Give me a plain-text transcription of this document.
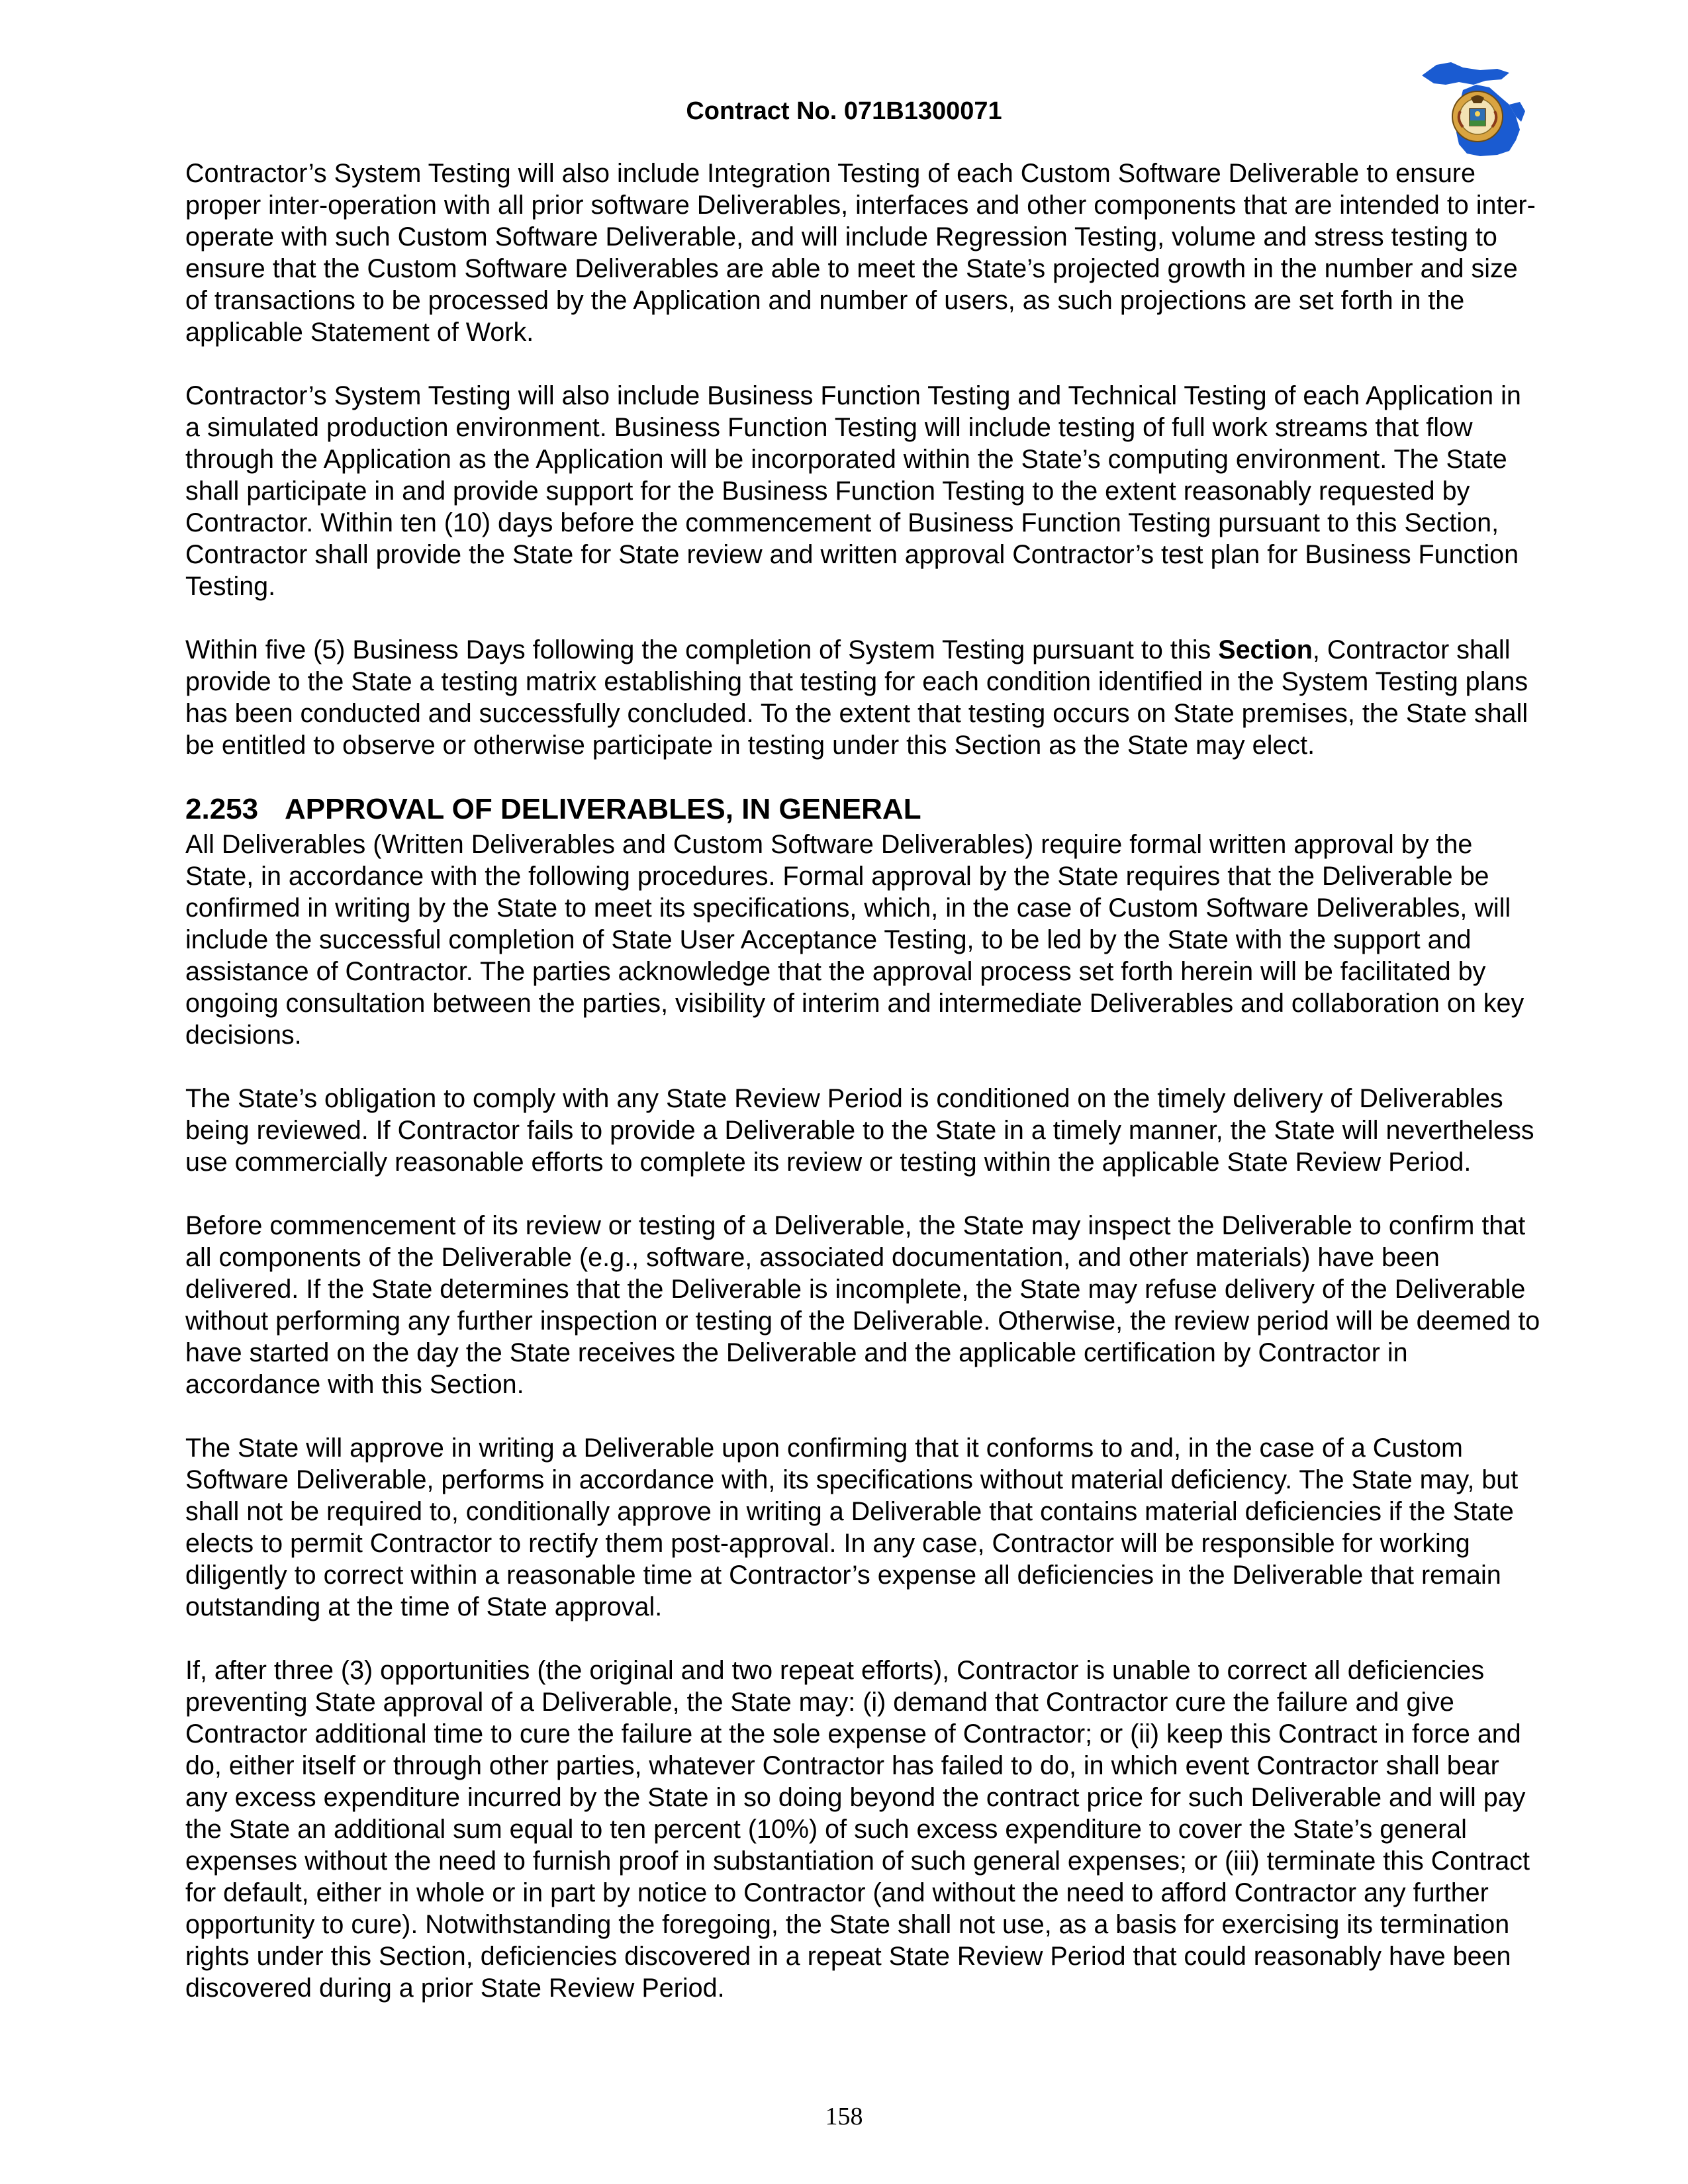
Contract No. 071B1300071

Contractor’s System Testing will also include Integration Testing of each Custom Software Deliverable to ensure proper inter-operation with all prior software Deliverables, interfaces and other components that are intended to inter-operate with such Custom Software Deliverable, and will include Regression Testing, volume and stress testing to ensure that the Custom Software Deliverables are able to meet the State’s projected growth in the number and size of transactions to be processed by the Application and number of users, as such projections are set forth in the applicable Statement of Work.

Contractor’s System Testing will also include Business Function Testing and Technical Testing of each Application in a simulated production environment. Business Function Testing will include testing of full work streams that flow through the Application as the Application will be incorporated within the State’s computing environment. The State shall participate in and provide support for the Business Function Testing to the extent reasonably requested by Contractor. Within ten (10) days before the commencement of Business Function Testing pursuant to this Section, Contractor shall provide the State for State review and written approval Contractor’s test plan for Business Function Testing.

Within five (5) Business Days following the completion of System Testing pursuant to this Section, Contractor shall provide to the State a testing matrix establishing that testing for each condition identified in the System Testing plans has been conducted and successfully concluded. To the extent that testing occurs on State premises, the State shall be entitled to observe or otherwise participate in testing under this Section as the State may elect.

2.253 APPROVAL OF DELIVERABLES, IN GENERAL

All Deliverables (Written Deliverables and Custom Software Deliverables) require formal written approval by the State, in accordance with the following procedures. Formal approval by the State requires that the Deliverable be confirmed in writing by the State to meet its specifications, which, in the case of Custom Software Deliverables, will include the successful completion of State User Acceptance Testing, to be led by the State with the support and assistance of Contractor. The parties acknowledge that the approval process set forth herein will be facilitated by ongoing consultation between the parties, visibility of interim and intermediate Deliverables and collaboration on key decisions.

The State’s obligation to comply with any State Review Period is conditioned on the timely delivery of Deliverables being reviewed. If Contractor fails to provide a Deliverable to the State in a timely manner, the State will nevertheless use commercially reasonable efforts to complete its review or testing within the applicable State Review Period.

Before commencement of its review or testing of a Deliverable, the State may inspect the Deliverable to confirm that all components of the Deliverable (e.g., software, associated documentation, and other materials) have been delivered. If the State determines that the Deliverable is incomplete, the State may refuse delivery of the Deliverable without performing any further inspection or testing of the Deliverable. Otherwise, the review period will be deemed to have started on the day the State receives the Deliverable and the applicable certification by Contractor in accordance with this Section.

The State will approve in writing a Deliverable upon confirming that it conforms to and, in the case of a Custom Software Deliverable, performs in accordance with, its specifications without material deficiency. The State may, but shall not be required to, conditionally approve in writing a Deliverable that contains material deficiencies if the State elects to permit Contractor to rectify them post-approval. In any case, Contractor will be responsible for working diligently to correct within a reasonable time at Contractor’s expense all deficiencies in the Deliverable that remain outstanding at the time of State approval.

If, after three (3) opportunities (the original and two repeat efforts), Contractor is unable to correct all deficiencies preventing State approval of a Deliverable, the State may: (i) demand that Contractor cure the failure and give Contractor additional time to cure the failure at the sole expense of Contractor; or (ii) keep this Contract in force and do, either itself or through other parties, whatever Contractor has failed to do, in which event Contractor shall bear any excess expenditure incurred by the State in so doing beyond the contract price for such Deliverable and will pay the State an additional sum equal to ten percent (10%) of such excess expenditure to cover the State’s general expenses without the need to furnish proof in substantiation of such general expenses; or (iii) terminate this Contract for default, either in whole or in part by notice to Contractor (and without the need to afford Contractor any further opportunity to cure). Notwithstanding the foregoing, the State shall not use, as a basis for exercising its termination rights under this Section, deficiencies discovered in a repeat State Review Period that could reasonably have been discovered during a prior State Review Period.

158
